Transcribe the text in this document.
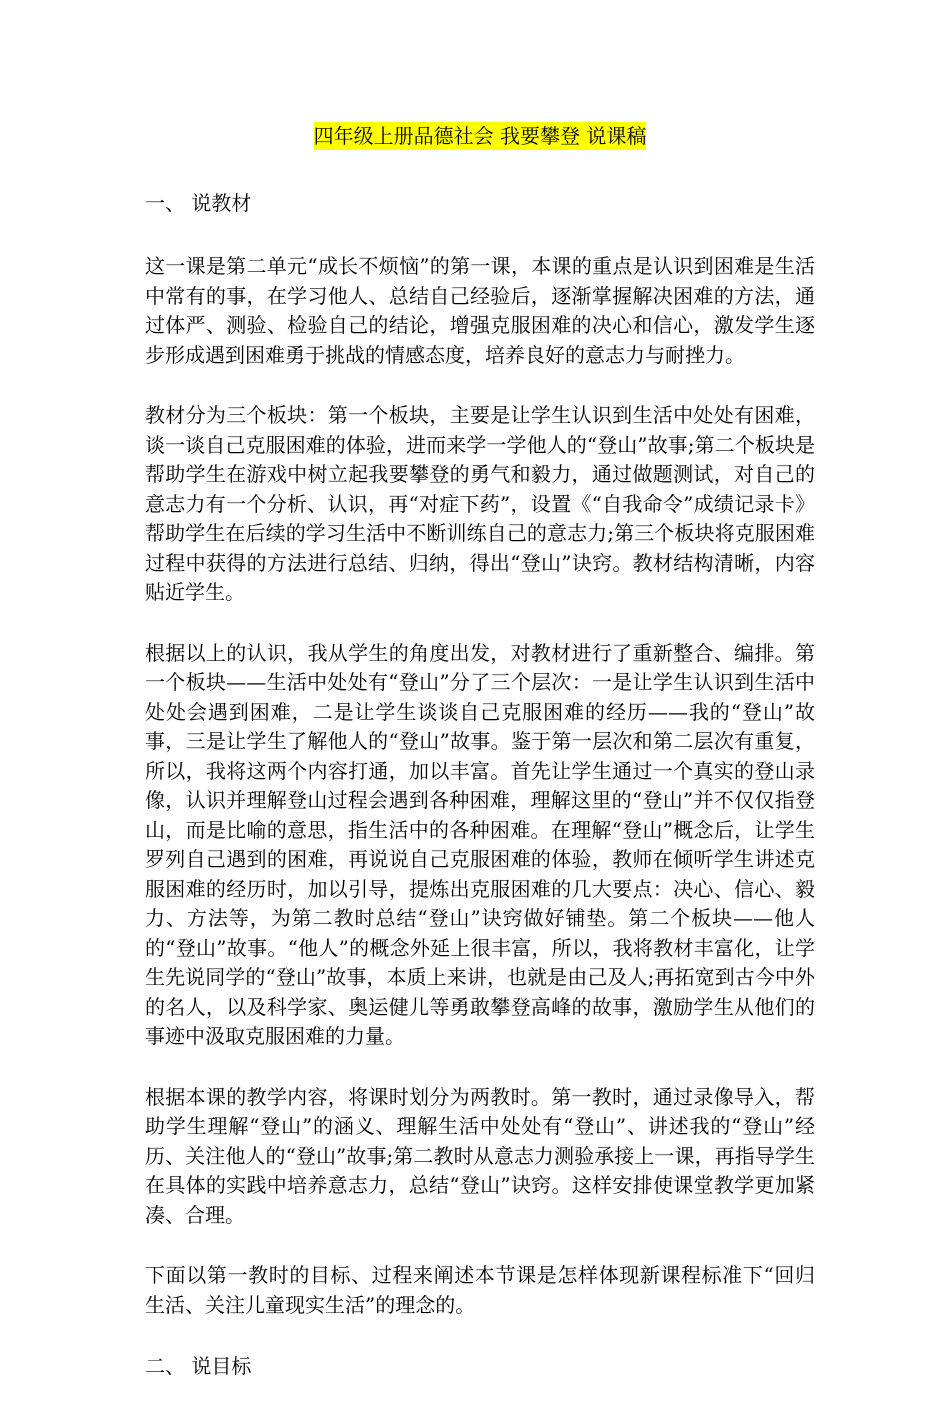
四年级上册品德社会 我要攀登 说课稿
一、 说教材

这一课是第二单元“成长不烦恼”的第一课，本课的重点是认识到困难是生活中常有的事，在学习他人、总结自己经验后，逐渐掌握解决困难的方法，通过体严、测验、检验自己的结论，增强克服困难的决心和信心，激发学生逐步形成遇到困难勇于挑战的情感态度，培养良好的意志力与耐挫力。

教材分为三个板块：第一个板块，主要是让学生认识到生活中处处有困难，谈一谈自己克服困难的体验，进而来学一学他人的“登山”故事;第二个板块是帮助学生在游戏中树立起我要攀登的勇气和毅力，通过做题测试，对自己的意志力有一个分析、认识，再“对症下药”，设置《“自我命令”成绩记录卡》帮助学生在后续的学习生活中不断训练自己的意志力;第三个板块将克服困难过程中获得的方法进行总结、归纳，得出“登山”诀窍。教材结构清晰，内容贴近学生。

根据以上的认识，我从学生的角度出发，对教材进行了重新整合、编排。第一个板块——生活中处处有“登山”分了三个层次：一是让学生认识到生活中处处会遇到困难，二是让学生谈谈自己克服困难的经历——我的“登山”故事，三是让学生了解他人的“登山”故事。鉴于第一层次和第二层次有重复，所以，我将这两个内容打通，加以丰富。首先让学生通过一个真实的登山录像，认识并理解登山过程会遇到各种困难，理解这里的“登山”并不仅仅指登山，而是比喻的意思，指生活中的各种困难。在理解“登山”概念后，让学生罗列自己遇到的困难，再说说自己克服困难的体验，教师在倾听学生讲述克服困难的经历时，加以引导，提炼出克服困难的几大要点：决心、信心、毅力、方法等，为第二教时总结“登山”诀窍做好铺垫。第二个板块——他人的“登山”故事。“他人”的概念外延上很丰富，所以，我将教材丰富化，让学生先说同学的“登山”故事，本质上来讲，也就是由己及人;再拓宽到古今中外的名人，以及科学家、奥运健儿等勇敢攀登高峰的故事，激励学生从他们的事迹中汲取克服困难的力量。

根据本课的教学内容，将课时划分为两教时。第一教时，通过录像导入，帮助学生理解“登山”的涵义、理解生活中处处有“登山”、讲述我的“登山”经历、关注他人的“登山”故事;第二教时从意志力测验承接上一课，再指导学生在具体的实践中培养意志力，总结“登山”诀窍。这样安排使课堂教学更加紧凑、合理。

下面以第一教时的目标、过程来阐述本节课是怎样体现新课程标准下“回归生活、关注儿童现实生活”的理念的。

二、 说目标
